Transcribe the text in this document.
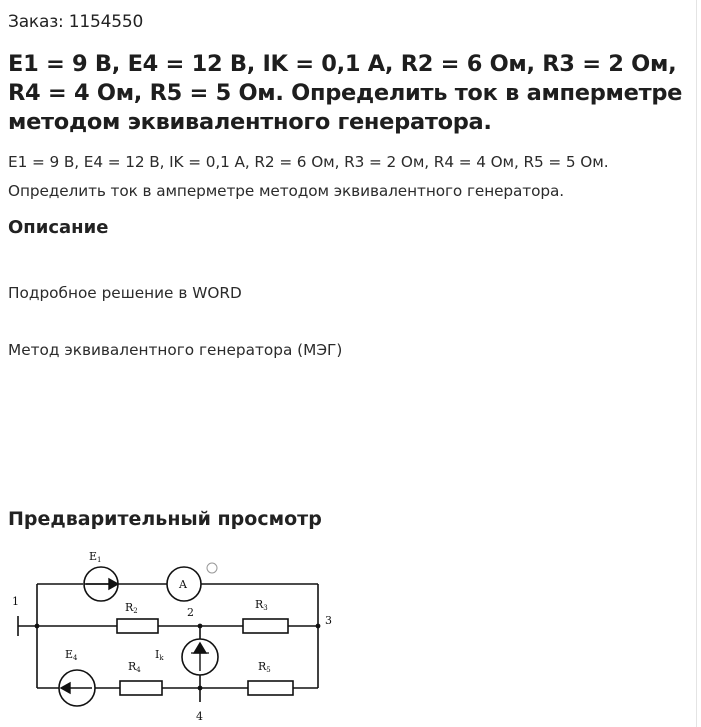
Заказ: 1154550
E1 = 9 В, E4 = 12 В, IK = 0,1 А, R2 = 6 Ом, R3 = 2 Ом, R4 = 4 Ом, R5 = 5 Ом. Определить ток в амперметре методом эквивалентного генератора.
E1 = 9 В, E4 = 12 В, IK = 0,1 А, R2 = 6 Ом, R3 = 2 Ом, R4 = 4 Ом, R5 = 5 Ом. Определить ток в амперметре методом эквивалентного генератора.
Описание
Подробное решение в WORD
Метод эквивалентного генератора (МЭГ)
Предварительный просмотр
E1
A
R2	R3
E4
R4	R5
Ik
1
2
3
4
